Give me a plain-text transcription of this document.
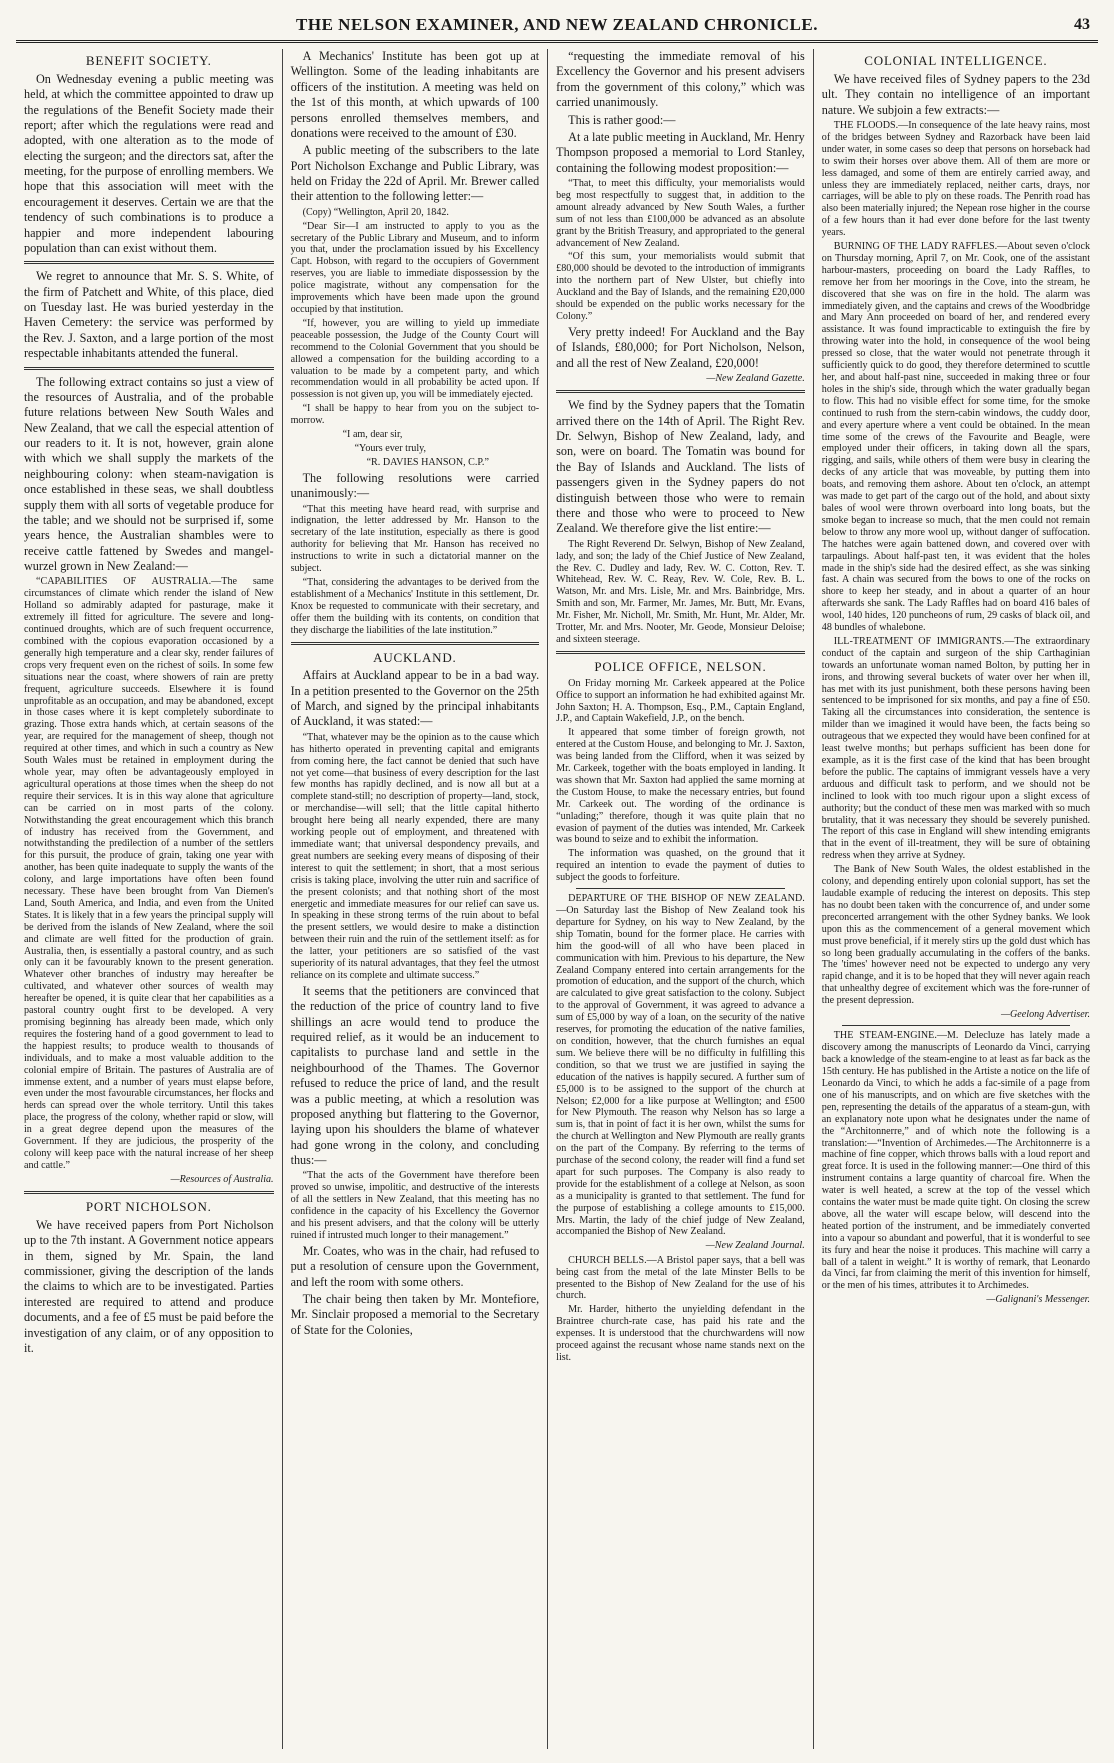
THE NELSON EXAMINER, AND NEW ZEALAND CHRONICLE.	43
BENEFIT SOCIETY.

On Wednesday evening a public meeting was held, at which the committee appointed to draw up the regulations of the Benefit Society made their report; after which the regulations were read and adopted, with one alteration as to the mode of electing the surgeon; and the directors sat, after the meeting, for the purpose of enrolling members. We hope that this association will meet with the encouragement it deserves. Certain we are that the tendency of such combinations is to produce a happier and more independent labouring population than can exist without them.

We regret to announce that Mr. S. S. White, of the firm of Patchett and White, of this place, died on Tuesday last. He was buried yesterday in the Haven Cemetery: the service was performed by the Rev. J. Saxton, and a large portion of the most respectable inhabitants attended the funeral.

The following extract contains so just a view of the resources of Australia, and of the probable future relations between New South Wales and New Zealand, that we call the especial attention of our readers to it. It is not, however, grain alone with which we shall supply the markets of the neighbouring colony: when steam-navigation is once established in these seas, we shall doubtless supply them with all sorts of vegetable produce for the table; and we should not be surprised if, some years hence, the Australian shambles were to receive cattle fattened by Swedes and mangel-wurzel grown in New Zealand:—

“CAPABILITIES OF AUSTRALIA.—The same circumstances of climate which render the island of New Holland so admirably adapted for pasturage, make it extremely ill fitted for agriculture. The severe and long-continued droughts, which are of such frequent occurrence, combined with the copious evaporation occasioned by a generally high temperature and a clear sky, render failures of crops very frequent even on the richest of soils. In some few situations near the coast, where showers of rain are pretty frequent, agriculture succeeds. Elsewhere it is found unprofitable as an occupation, and may be abandoned, except in those cases where it is kept completely subordinate to grazing. Those extra hands which, at certain seasons of the year, are required for the management of sheep, though not required at other times, and which in such a country as New South Wales must be retained in employment during the whole year, may often be advantageously employed in agricultural operations at those times when the sheep do not require their services. It is in this way alone that agriculture can be carried on in most parts of the colony. Notwithstanding the great encouragement which this branch of industry has received from the Government, and notwithstanding the predilection of a number of the settlers for this pursuit, the produce of grain, taking one year with another, has been quite inadequate to supply the wants of the colony, and large importations have often been found necessary. These have been brought from Van Diemen's Land, South America, and India, and even from the United States. It is likely that in a few years the principal supply will be derived from the islands of New Zealand, where the soil and climate are well fitted for the production of grain. Australia, then, is essentially a pastoral country, and as such only can it be favourably known to the present generation. Whatever other branches of industry may hereafter be cultivated, and whatever other sources of wealth may hereafter be opened, it is quite clear that her capabilities as a pastoral country ought first to be developed. A very promising beginning has already been made, which only requires the fostering hand of a good government to lead to the happiest results; to produce wealth to thousands of individuals, and to make a most valuable addition to the colonial empire of Britain. The pastures of Australia are of immense extent, and a number of years must elapse before, even under the most favourable circumstances, her flocks and herds can spread over the whole territory. Until this takes place, the progress of the colony, whether rapid or slow, will in a great degree depend upon the measures of the Government. If they are judicious, the prosperity of the colony will keep pace with the natural increase of her sheep and cattle.”

—Resources of Australia.
PORT NICHOLSON.

We have received papers from Port Nicholson up to the 7th instant. A Government notice appears in them, signed by Mr. Spain, the land commissioner, giving the description of the lands the claims to which are to be investigated. Parties interested are required to attend and produce documents, and a fee of £5 must be paid before the investigation of any claim, or of any opposition to it.

A Mechanics' Institute has been got up at Wellington. Some of the leading inhabitants are officers of the institution. A meeting was held on the 1st of this month, at which upwards of 100 persons enrolled themselves members, and donations were received to the amount of £30.

A public meeting of the subscribers to the late Port Nicholson Exchange and Public Library, was held on Friday the 22d of April. Mr. Brewer called their attention to the following letter:—

(Copy) “Wellington, April 20, 1842.

“Dear Sir—I am instructed to apply to you as the secretary of the Public Library and Museum, and to inform you that, under the proclamation issued by his Excellency Capt. Hobson, with regard to the occupiers of Government reserves, you are liable to immediate dispossession by the police magistrate, without any compensation for the improvements which have been made upon the ground occupied by that institution.

“If, however, you are willing to yield up immediate peaceable possession, the Judge of the County Court will recommend to the Colonial Government that you should be allowed a compensation for the building according to a valuation to be made by a competent party, and which recommendation would in all probability be acted upon. If possession is not given up, you will be immediately ejected.

“I shall be happy to hear from you on the subject to-morrow.

“I am, dear sir,

“Yours ever truly,

“R. DAVIES HANSON, C.P.”

The following resolutions were carried unanimously:—

“That this meeting have heard read, with surprise and indignation, the letter addressed by Mr. Hanson to the secretary of the late institution, especially as there is good authority for believing that Mr. Hanson has received no instructions to write in such a dictatorial manner on the subject.

“That, considering the advantages to be derived from the establishment of a Mechanics' Institute in this settlement, Dr. Knox be requested to communicate with their secretary, and offer them the building with its contents, on condition that they discharge the liabilities of the late institution.”

AUCKLAND.

Affairs at Auckland appear to be in a bad way. In a petition presented to the Governor on the 25th of March, and signed by the principal inhabitants of Auckland, it was stated:—

“That, whatever may be the opinion as to the cause which has hitherto operated in preventing capital and emigrants from coming here, the fact cannot be denied that such have not yet come—that business of every description for the last few months has rapidly declined, and is now all but at a complete stand-still; no description of property—land, stock, or merchandise—will sell; that the little capital hitherto brought here being all nearly expended, there are many working people out of employment, and threatened with immediate want; that universal despondency prevails, and great numbers are seeking every means of disposing of their interest to quit the settlement; in short, that a most serious crisis is taking place, involving the utter ruin and sacrifice of the present colonists; and that nothing short of the most energetic and immediate measures for our relief can save us. In speaking in these strong terms of the ruin about to befal the present settlers, we would desire to make a distinction between their ruin and the ruin of the settlement itself: as for the latter, your petitioners are so satisfied of the vast superiority of its natural advantages, that they feel the utmost reliance on its complete and ultimate success.”

It seems that the petitioners are convinced that the reduction of the price of country land to five shillings an acre would tend to produce the required relief, as it would be an inducement to capitalists to purchase land and settle in the neighbourhood of the Thames. The Governor refused to reduce the price of land, and the result was a public meeting, at which a resolution was proposed anything but flattering to the Governor, laying upon his shoulders the blame of whatever had gone wrong in the colony, and concluding thus:—

“That the acts of the Government have therefore been proved so unwise, impolitic, and destructive of the interests of all the settlers in New Zealand, that this meeting has no confidence in the capacity of his Excellency the Governor and his present advisers, and that the colony will be utterly ruined if intrusted much longer to their management.”

Mr. Coates, who was in the chair, had refused to put a resolution of censure upon the Government, and left the room with some others.

The chair being then taken by Mr. Montefiore, Mr. Sinclair proposed a memorial to the Secretary of State for the Colonies,

“requesting the immediate removal of his Excellency the Governor and his present advisers from the government of this colony,” which was carried unanimously.

This is rather good:—

At a late public meeting in Auckland, Mr. Henry Thompson proposed a memorial to Lord Stanley, containing the following modest proposition:—

“That, to meet this difficulty, your memorialists would beg most respectfully to suggest that, in addition to the amount already advanced by New South Wales, a further sum of not less than £100,000 be advanced as an absolute grant by the British Treasury, and appropriated to the general advancement of New Zealand.

“Of this sum, your memorialists would submit that £80,000 should be devoted to the introduction of immigrants into the northern part of New Ulster, but chiefly into Auckland and the Bay of Islands, and the remaining £20,000 should be expended on the public works necessary for the Colony.”

Very pretty indeed! For Auckland and the Bay of Islands, £80,000; for Port Nicholson, Nelson, and all the rest of New Zealand, £20,000!

—New Zealand Gazette.

We find by the Sydney papers that the Tomatin arrived there on the 14th of April. The Right Rev. Dr. Selwyn, Bishop of New Zealand, lady, and son, were on board. The Tomatin was bound for the Bay of Islands and Auckland. The lists of passengers given in the Sydney papers do not distinguish between those who were to remain there and those who were to proceed to New Zealand. We therefore give the list entire:—

The Right Reverend Dr. Selwyn, Bishop of New Zealand, lady, and son; the lady of the Chief Justice of New Zealand, the Rev. C. Dudley and lady, Rev. W. C. Cotton, Rev. T. Whitehead, Rev. W. C. Reay, Rev. W. Cole, Rev. B. L. Watson, Mr. and Mrs. Lisle, Mr. and Mrs. Bainbridge, Mrs. Smith and son, Mr. Farmer, Mr. James, Mr. Butt, Mr. Evans, Mr. Fisher, Mr. Nicholl, Mr. Smith, Mr. Hunt, Mr. Alder, Mr. Trotter, Mr. and Mrs. Nooter, Mr. Geode, Monsieur Deloise; and sixteen steerage.

POLICE OFFICE, NELSON.

On Friday morning Mr. Carkeek appeared at the Police Office to support an information he had exhibited against Mr. John Saxton; H. A. Thompson, Esq., P.M., Captain England, J.P., and Captain Wakefield, J.P., on the bench.

It appeared that some timber of foreign growth, not entered at the Custom House, and belonging to Mr. J. Saxton, was being landed from the Clifford, when it was seized by Mr. Carkeek, together with the boats employed in landing. It was shown that Mr. Saxton had applied the same morning at the Custom House, to make the necessary entries, but found Mr. Carkeek out. The wording of the ordinance is “unlading;” therefore, though it was quite plain that no evasion of payment of the duties was intended, Mr. Carkeek was bound to seize and to exhibit the information.

The information was quashed, on the ground that it required an intention to evade the payment of duties to subject the goods to forfeiture.

DEPARTURE OF THE BISHOP OF NEW ZEALAND.—On Saturday last the Bishop of New Zealand took his departure for Sydney, on his way to New Zealand, by the ship Tomatin, bound for the former place. He carries with him the good-will of all who have been placed in communication with him. Previous to his departure, the New Zealand Company entered into certain arrangements for the promotion of education, and the support of the church, which are calculated to give great satisfaction to the colony. Subject to the approval of Government, it was agreed to advance a sum of £5,000 by way of a loan, on the security of the native reserves, for promoting the education of the native families, on condition, however, that the church furnishes an equal sum. We believe there will be no difficulty in fulfilling this condition, so that we trust we are justified in saying the education of the natives is happily secured. A further sum of £5,000 is to be assigned to the support of the church at Nelson; £2,000 for a like purpose at Wellington; and £500 for New Plymouth. The reason why Nelson has so large a sum is, that in point of fact it is her own, whilst the sums for the church at Wellington and New Plymouth are really grants on the part of the Company. By referring to the terms of purchase of the second colony, the reader will find a fund set apart for such purposes. The Company is also ready to provide for the establishment of a college at Nelson, as soon as a municipality is granted to that settlement. The fund for the purpose of establishing a college amounts to £15,000. Mrs. Martin, the lady of the chief judge of New Zealand, accompanied the Bishop of New Zealand.

—New Zealand Journal.

CHURCH BELLS.—A Bristol paper says, that a bell was being cast from the metal of the late Minster Bells to be presented to the Bishop of New Zealand for the use of his church.

Mr. Harder, hitherto the unyielding defendant in the Braintree church-rate case, has paid his rate and the expenses. It is understood that the churchwardens will now proceed against the recusant whose name stands next on the list.

COLONIAL INTELLIGENCE.

We have received files of Sydney papers to the 23d ult. They contain no intelligence of an important nature. We subjoin a few extracts:—

THE FLOODS.—In consequence of the late heavy rains, most of the bridges between Sydney and Razorback have been laid under water, in some cases so deep that persons on horseback had to swim their horses over above them. All of them are more or less damaged, and some of them are entirely carried away, and unless they are immediately replaced, neither carts, drays, nor carriages, will be able to ply on these roads. The Penrith road has also been materially injured; the Nepean rose higher in the course of a few hours than it had ever done before for the last twenty years.

BURNING OF THE LADY RAFFLES.—About seven o'clock on Thursday morning, April 7, on Mr. Cook, one of the assistant harbour-masters, proceeding on board the Lady Raffles, to remove her from her moorings in the Cove, into the stream, he discovered that she was on fire in the hold. The alarm was immediately given, and the captains and crews of the Woodbridge and Mary Ann proceeded on board of her, and rendered every assistance. It was found impracticable to extinguish the fire by throwing water into the hold, in consequence of the wool being pressed so close, that the water would not penetrate through it sufficiently quick to do good, they therefore determined to scuttle her, and about half-past nine, succeeded in making three or four holes in the ship's side, through which the water gradually began to flow. This had no visible effect for some time, for the smoke continued to rush from the stern-cabin windows, the cuddy door, and every aperture where a vent could be obtained. In the mean time some of the crews of the Favourite and Beagle, were employed under their officers, in taking down all the spars, rigging, and sails, while others of them were busy in clearing the decks of any article that was moveable, by putting them into boats, and removing them ashore. About ten o'clock, an attempt was made to get part of the cargo out of the hold, and about sixty bales of wool were thrown overboard into long boats, but the smoke began to increase so much, that the men could not remain below to throw any more wool up, without danger of suffocation. The hatches were again battened down, and covered over with tarpaulings. About half-past ten, it was evident that the holes made in the ship's side had the desired effect, as she was sinking fast. A chain was secured from the bows to one of the rocks on shore to keep her steady, and in about a quarter of an hour afterwards she sank. The Lady Raffles had on board 416 bales of wool, 140 hides, 120 puncheons of rum, 29 casks of black oil, and 48 bundles of whalebone.

ILL-TREATMENT OF IMMIGRANTS.—The extraordinary conduct of the captain and surgeon of the ship Carthaginian towards an unfortunate woman named Bolton, by putting her in irons, and throwing several buckets of water over her when ill, has met with its just punishment, both these persons having been sentenced to be imprisoned for six months, and pay a fine of £50. Taking all the circumstances into consideration, the sentence is milder than we imagined it would have been, the facts being so outrageous that we expected they would have been confined for at least twelve months; but perhaps sufficient has been done for example, as it is the first case of the kind that has been brought before the public. The captains of immigrant vessels have a very arduous and difficult task to perform, and we should not be inclined to look with too much rigour upon a slight excess of authority; but the conduct of these men was marked with so much brutality, that it was necessary they should be severely punished. The report of this case in England will shew intending emigrants that in the event of ill-treatment, they will be sure of obtaining redress when they arrive at Sydney.

The Bank of New South Wales, the oldest established in the colony, and depending entirely upon colonial support, has set the laudable example of reducing the interest on deposits. This step has no doubt been taken with the concurrence of, and under some preconcerted arrangement with the other Sydney banks. We look upon this as the commencement of a general movement which must prove beneficial, if it merely stirs up the gold dust which has so long been gradually accumulating in the coffers of the banks. The 'times' however need not be expected to undergo any very rapid change, and it is to be hoped that they will never again reach that unhealthy degree of excitement which was the fore-runner of the present depression.

—Geelong Advertiser.

THE STEAM-ENGINE.—M. Delecluze has lately made a discovery among the manuscripts of Leonardo da Vinci, carrying back a knowledge of the steam-engine to at least as far back as the 15th century. He has published in the Artiste a notice on the life of Leonardo da Vinci, to which he adds a fac-simile of a page from one of his manuscripts, and on which are five sketches with the pen, representing the details of the apparatus of a steam-gun, with an explanatory note upon what he designates under the name of the “Architonnerre,” and of which note the following is a translation:—“Invention of Archimedes.—The Architonnerre is a machine of fine copper, which throws balls with a loud report and great force. It is used in the following manner:—One third of this instrument contains a large quantity of charcoal fire. When the water is well heated, a screw at the top of the vessel which contains the water must be made quite tight. On closing the screw above, all the water will escape below, will descend into the heated portion of the instrument, and be immediately converted into a vapour so abundant and powerful, that it is wonderful to see its fury and hear the noise it produces. This machine will carry a ball of a talent in weight.” It is worthy of remark, that Leonardo da Vinci, far from claiming the merit of this invention for himself, or the men of his times, attributes it to Archimedes.

—Galignani's Messenger.
